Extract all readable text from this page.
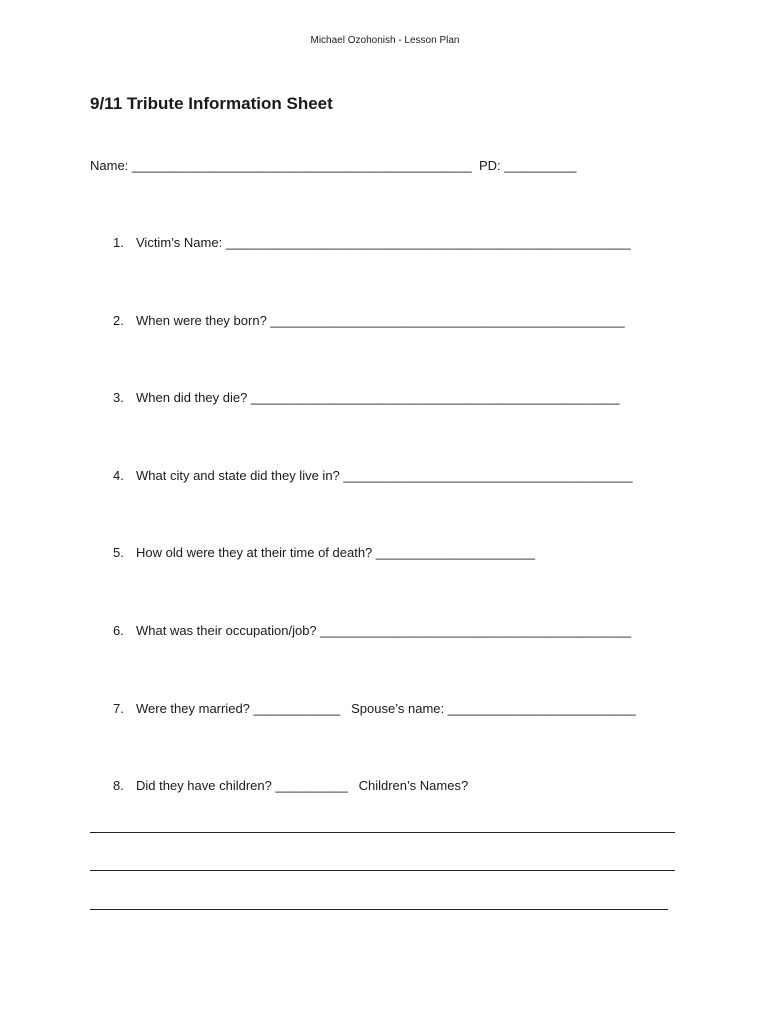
Michael Ozohonish - Lesson Plan
9/11 Tribute Information Sheet
Name: _______________________________________________  PD: __________
1. Victim’s Name: ________________________________________________________
2. When were they born? _________________________________________________
3. When did they die? ___________________________________________________
4. What city and state did they live in? ________________________________________
5. How old were they at their time of death? ______________________
6. What was their occupation/job? ___________________________________________
7. Were they married? ____________   Spouse’s name: __________________________
8. Did they have children? __________   Children’s Names?
